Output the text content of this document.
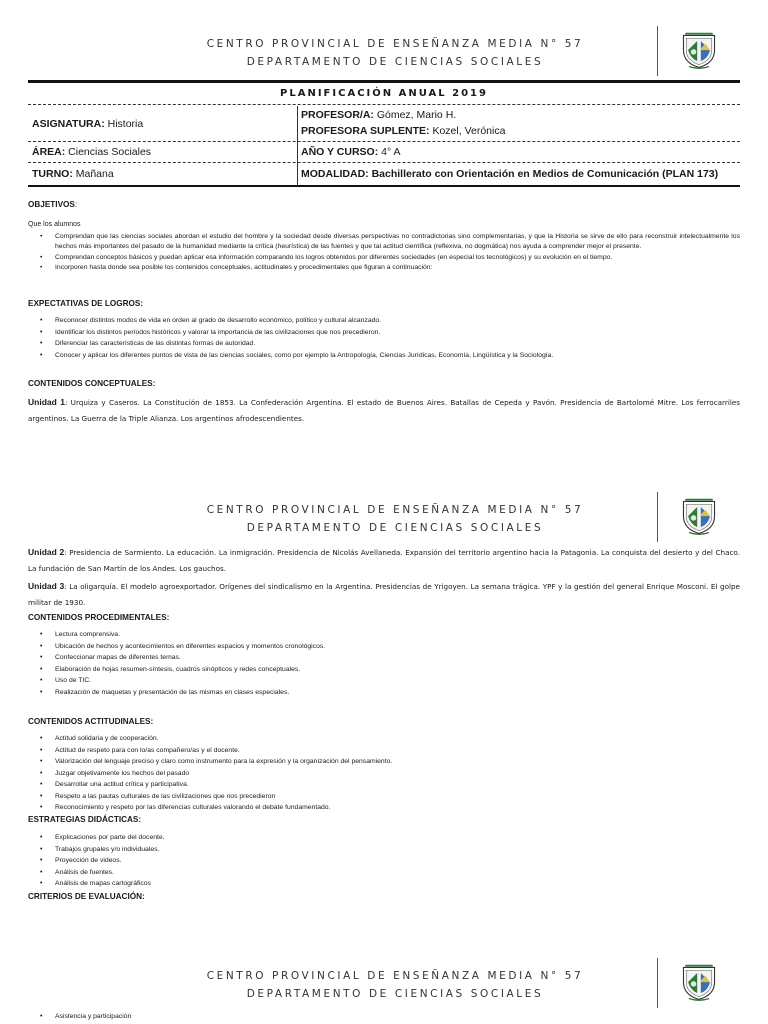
CENTRO PROVINCIAL DE ENSEÑANZA MEDIA N° 57
DEPARTAMENTO DE CIENCIAS SOCIALES
PLANIFICACIÓN ANUAL 2019
ASIGNATURA: Historia
PROFESOR/A: Gómez, Mario H.
PROFESORA SUPLENTE: Kozel, Verónica
ÁREA: Ciencias Sociales	AÑO Y CURSO: 4° A
TURNO: Mañana	MODALIDAD: Bachillerato con Orientación en Medios de Comunicación (PLAN 173)
OBJETIVOS:
Que los alumnos
• Comprendan que las ciencias sociales abordan el estudio del hombre y la sociedad desde diversas perspectivas no contradictorias sino complementarias, y que la Historia se sirve de ello para reconstruir intelectualmente los hechos más importantes del pasado de la humanidad mediante la crítica (heurística) de las fuentes y que tal actitud científica (reflexiva, no dogmática) nos ayuda a comprender mejor el presente.
• Comprendan conceptos básicos y puedan aplicar esa información comparando los logros obtenidos por diferentes sociedades (en especial los tecnológicos) y su evolución en el tiempo.
• Incorporen hasta donde sea posible los contenidos conceptuales, actitudinales y procedimentales que figuran a continuación:
EXPECTATIVAS DE LOGROS:
• Reconocer distintos modos de vida en orden al grado de desarrollo económico, político y cultural alcanzado.
• Identificar los distintos períodos históricos y valorar la importancia de las civilizaciones que nos precedieron.
• Diferenciar las características de las distintas formas de autoridad.
• Conocer y aplicar los diferentes puntos de vista de las ciencias sociales, como por ejemplo la Antropología, Ciencias Jurídicas, Economía, Lingüística y la Sociología.
CONTENIDOS CONCEPTUALES:
Unidad 1: Urquiza y Caseros. La Constitución de 1853. La Confederación Argentina. El estado de Buenos Aires. Batallas de Cepeda y Pavón. Presidencia de Bartolomé Mitre. Los ferrocarriles argentinos. La Guerra de la Triple Alianza. Los argentinos afrodescendientes.
CENTRO PROVINCIAL DE ENSEÑANZA MEDIA N° 57
DEPARTAMENTO DE CIENCIAS SOCIALES
Unidad 2: Presidencia de Sarmiento. La educación. La inmigración. Presidencia de Nicolás Avellaneda. Expansión del territorio argentino hacia la Patagonia. La conquista del desierto y del Chaco. La fundación de San Martín de los Andes. Los gauchos.
Unidad 3: La oligarquía. El modelo agroexportador. Orígenes del sindicalismo en la Argentina. Presidencias de Yrigoyen. La semana trágica. YPF y la gestión del general Enrique Mosconi. El golpe militar de 1930.
CONTENIDOS PROCEDIMENTALES:
• Lectura comprensiva.
• Ubicación de hechos y acontecimientos en diferentes espacios y momentos cronológicos.
• Confeccionar mapas de diferentes temas.
• Elaboración de hojas resumen-síntesis, cuadros sinópticos y redes conceptuales.
• Uso de TIC.
• Realización de maquetas y presentación de las mismas en clases especiales.
CONTENIDOS ACTITUDINALES:
• Actitud solidaria y de cooperación.
• Actitud de respeto para con lo/as compañero/as y el docente.
• Valorización del lenguaje preciso y claro como instrumento para la expresión y la organización del pensamiento.
• Juzgar objetivamente los hechos del pasado
• Desarrollar una actitud crítica y participativa.
• Respeto a las pautas culturales de las civilizaciones que nos precedieron
• Reconocimiento y respeto por las diferencias culturales valorando el debate fundamentado.
ESTRATEGIAS DIDÁCTICAS:
• Explicaciones por parte del docente.
• Trabajos grupales y/o individuales.
• Proyección de videos.
• Análisis de fuentes.
• Análisis de mapas cartográficos
CRITERIOS DE EVALUACIÓN:
CENTRO PROVINCIAL DE ENSEÑANZA MEDIA N° 57
DEPARTAMENTO DE CIENCIAS SOCIALES
• Asistencia y participación
